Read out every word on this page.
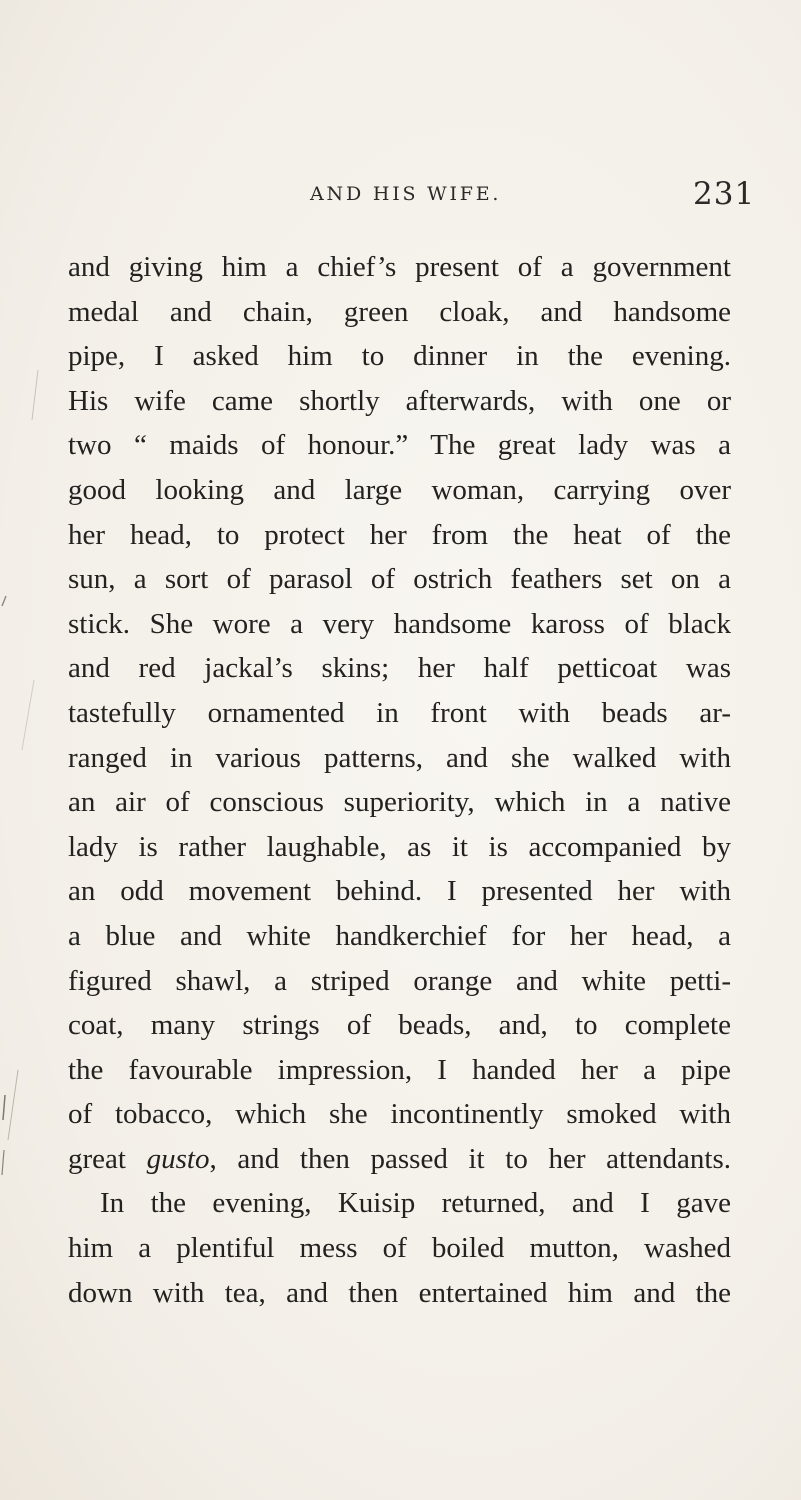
AND HIS WIFE.	231
and giving him a chief’s present of a government
medal and chain, green cloak, and handsome
pipe, I asked him to dinner in the evening.
His wife came shortly afterwards, with one or
two “ maids of honour.” The great lady was a
good looking and large woman, carrying over
her head, to protect her from the heat of the
sun, a sort of parasol of ostrich feathers set on a
stick. She wore a very handsome kaross of black
and red jackal’s skins; her half petticoat was
tastefully ornamented in front with beads ar-
ranged in various patterns, and she walked with
an air of conscious superiority, which in a native
lady is rather laughable, as it is accompanied by
an odd movement behind. I presented her with
a blue and white handkerchief for her head, a
figured shawl, a striped orange and white petti-
coat, many strings of beads, and, to complete
the favourable impression, I handed her a pipe
of tobacco, which she incontinently smoked with
great gusto, and then passed it to her attendants.
In the evening, Kuisip returned, and I gave
him a plentiful mess of boiled mutton, washed
down with tea, and then entertained him and the
